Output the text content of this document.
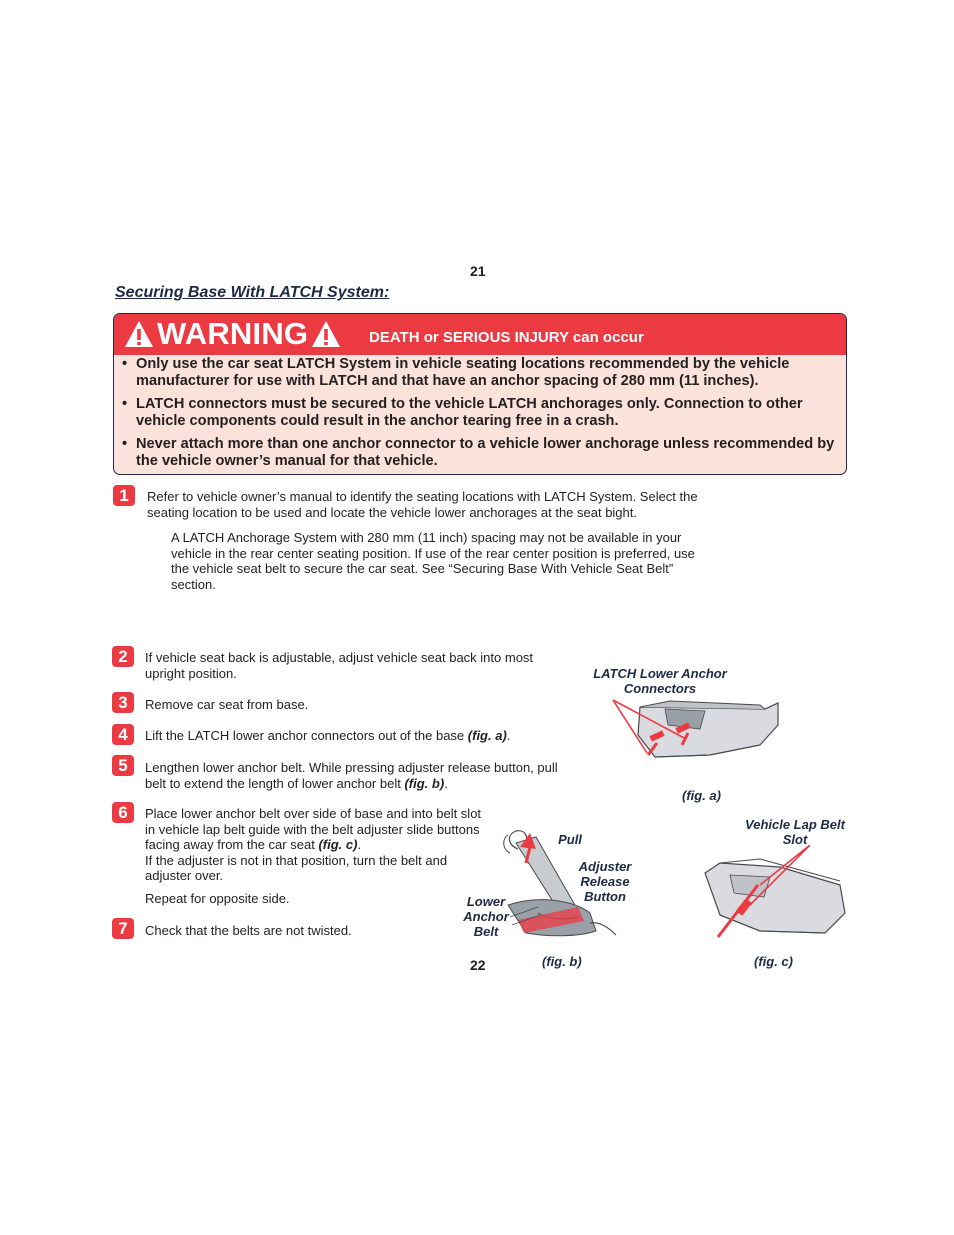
21
Securing Base With LATCH System:
WARNING	DEATH or SERIOUS INJURY can occur
• Only use the car seat LATCH System in vehicle seating locations recommended by the vehicle manufacturer for use with LATCH and that have an anchor spacing of 280 mm (11 inches).
• LATCH connectors must be secured to the vehicle LATCH anchorages only. Connection to other vehicle components could result in the anchor tearing free in a crash.
• Never attach more than one anchor connector to a vehicle lower anchorage unless recommended by the vehicle owner’s manual for that vehicle.
1	Refer to vehicle owner’s manual to identify the seating locations with LATCH System. Select the seating location to be used and locate the vehicle lower anchorages at the seat bight.
A LATCH Anchorage System with 280 mm (11 inch) spacing may not be available in your vehicle in the rear center seating position. If use of the rear center position is preferred, use the vehicle seat belt to secure the car seat. See “Securing Base With Vehicle Seat Belt” section.
2	If vehicle seat back is adjustable, adjust vehicle seat back into most upright position.
3	Remove car seat from base.
4	Lift the LATCH lower anchor connectors out of the base (fig. a).
5	Lengthen lower anchor belt. While pressing adjuster release button, pull belt to extend the length of lower anchor belt (fig. b).
6	Place lower anchor belt over side of base and into belt slot in vehicle lap belt guide with the belt adjuster slide buttons facing away from the car seat (fig. c).
If the adjuster is not in that position, turn the belt and adjuster over.
Repeat for opposite side.
7	Check that the belts are not twisted.
22
LATCH Lower Anchor Connectors
(fig. a)
Pull
Adjuster Release Button
Lower Anchor Belt
(fig. b)
Vehicle Lap Belt Slot
(fig. c)
